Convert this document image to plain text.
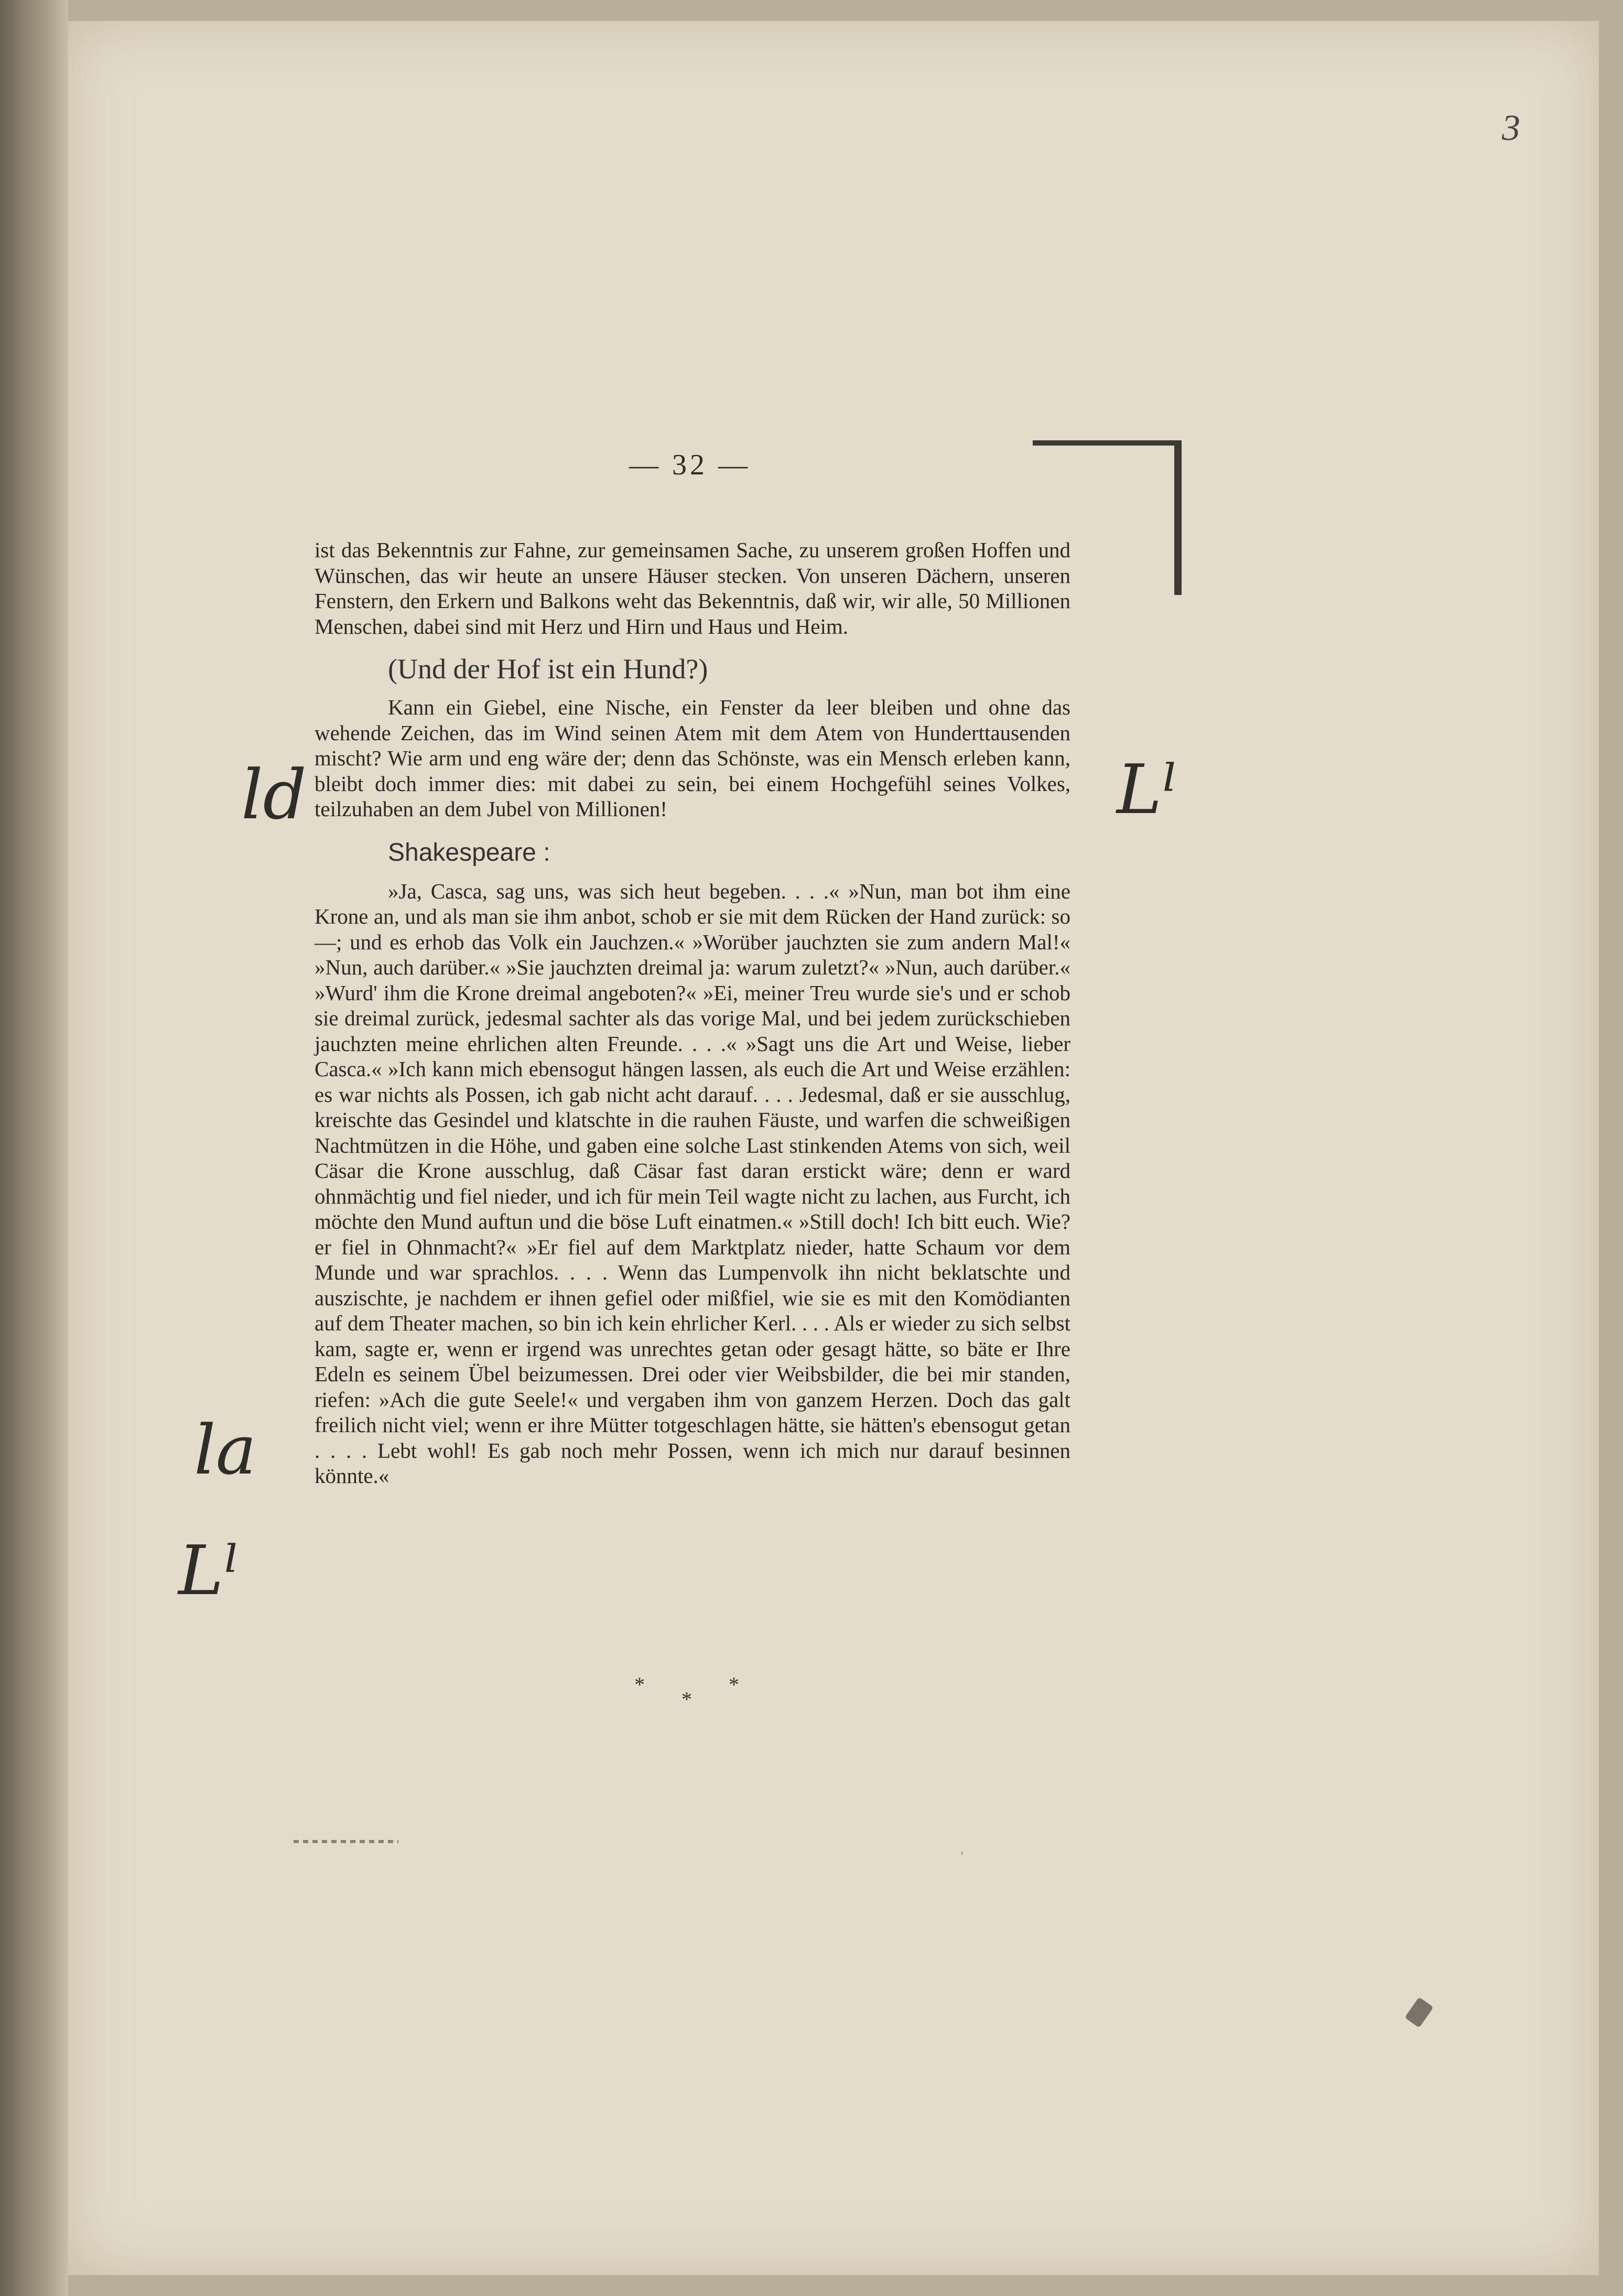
3
— 32 —

ist das Bekenntnis zur Fahne, zur gemeinsamen Sache, zu unserem großen Hoffen und Wünschen, das wir heute an unsere Häuser stecken. Von unseren Dächern, unseren Fenstern, den Erkern und Balkons weht das Bekenntnis, daß wir, wir alle, 50 Millionen Menschen, dabei sind mit Herz und Hirn und Haus und Heim.

(Und der Hof ist ein Hund?)

Kann ein Giebel, eine Nische, ein Fenster da leer bleiben und ohne das wehende Zeichen, das im Wind seinen Atem mit dem Atem von Hunderttausenden mischt? Wie arm und eng wäre der; denn das Schönste, was ein Mensch erleben kann, bleibt doch immer dies: mit dabei zu sein, bei einem Hochgefühl seines Volkes, teilzuhaben an dem Jubel von Millionen!

Shakespeare :

»Ja, Casca, sag uns, was sich heut begeben. . . .« »Nun, man bot ihm eine Krone an, und als man sie ihm anbot, schob er sie mit dem Rücken der Hand zurück: so —; und es erhob das Volk ein Jauchzen.« »Worüber jauchzten sie zum andern Mal!« »Nun, auch darüber.« »Sie jauchzten dreimal ja: warum zuletzt?« »Nun, auch darüber.« »Wurd' ihm die Krone dreimal angeboten?« »Ei, meiner Treu wurde sie's und er schob sie dreimal zurück, jedesmal sachter als das vorige Mal, und bei jedem zurückschieben jauchzten meine ehrlichen alten Freunde. . . .« »Sagt uns die Art und Weise, lieber Casca.« »Ich kann mich ebensogut hängen lassen, als euch die Art und Weise erzählen: es war nichts als Possen, ich gab nicht acht darauf. . . . Jedesmal, daß er sie ausschlug, kreischte das Gesindel und klatschte in die rauhen Fäuste, und warfen die schweißigen Nachtmützen in die Höhe, und gaben eine solche Last stinkenden Atems von sich, weil Cäsar die Krone ausschlug, daß Cäsar fast daran erstickt wäre; denn er ward ohnmächtig und fiel nieder, und ich für mein Teil wagte nicht zu lachen, aus Furcht, ich möchte den Mund auftun und die böse Luft einatmen.« »Still doch! Ich bitt euch. Wie? er fiel in Ohnmacht?« »Er fiel auf dem Marktplatz nieder, hatte Schaum vor dem Munde und war sprachlos. . . . Wenn das Lumpenvolk ihn nicht beklatschte und auszischte, je nachdem er ihnen gefiel oder mißfiel, wie sie es mit den Komödianten auf dem Theater machen, so bin ich kein ehrlicher Kerl. . . . Als er wieder zu sich selbst kam, sagte er, wenn er irgend was unrechtes getan oder gesagt hätte, so bäte er Ihre Edeln es seinem Übel beizumessen. Drei oder vier Weibsbilder, die bei mir standen, riefen: »Ach die gute Seele!« und vergaben ihm von ganzem Herzen. Doch das galt freilich nicht viel; wenn er ihre Mütter totgeschlagen hätte, sie hätten's ebensogut getan . . . . Lebt wohl! Es gab noch mehr Possen, wenn ich mich nur darauf besinnen könnte.«

*
*
*
ˌ
ld	Lˡ
la
Lˡ
